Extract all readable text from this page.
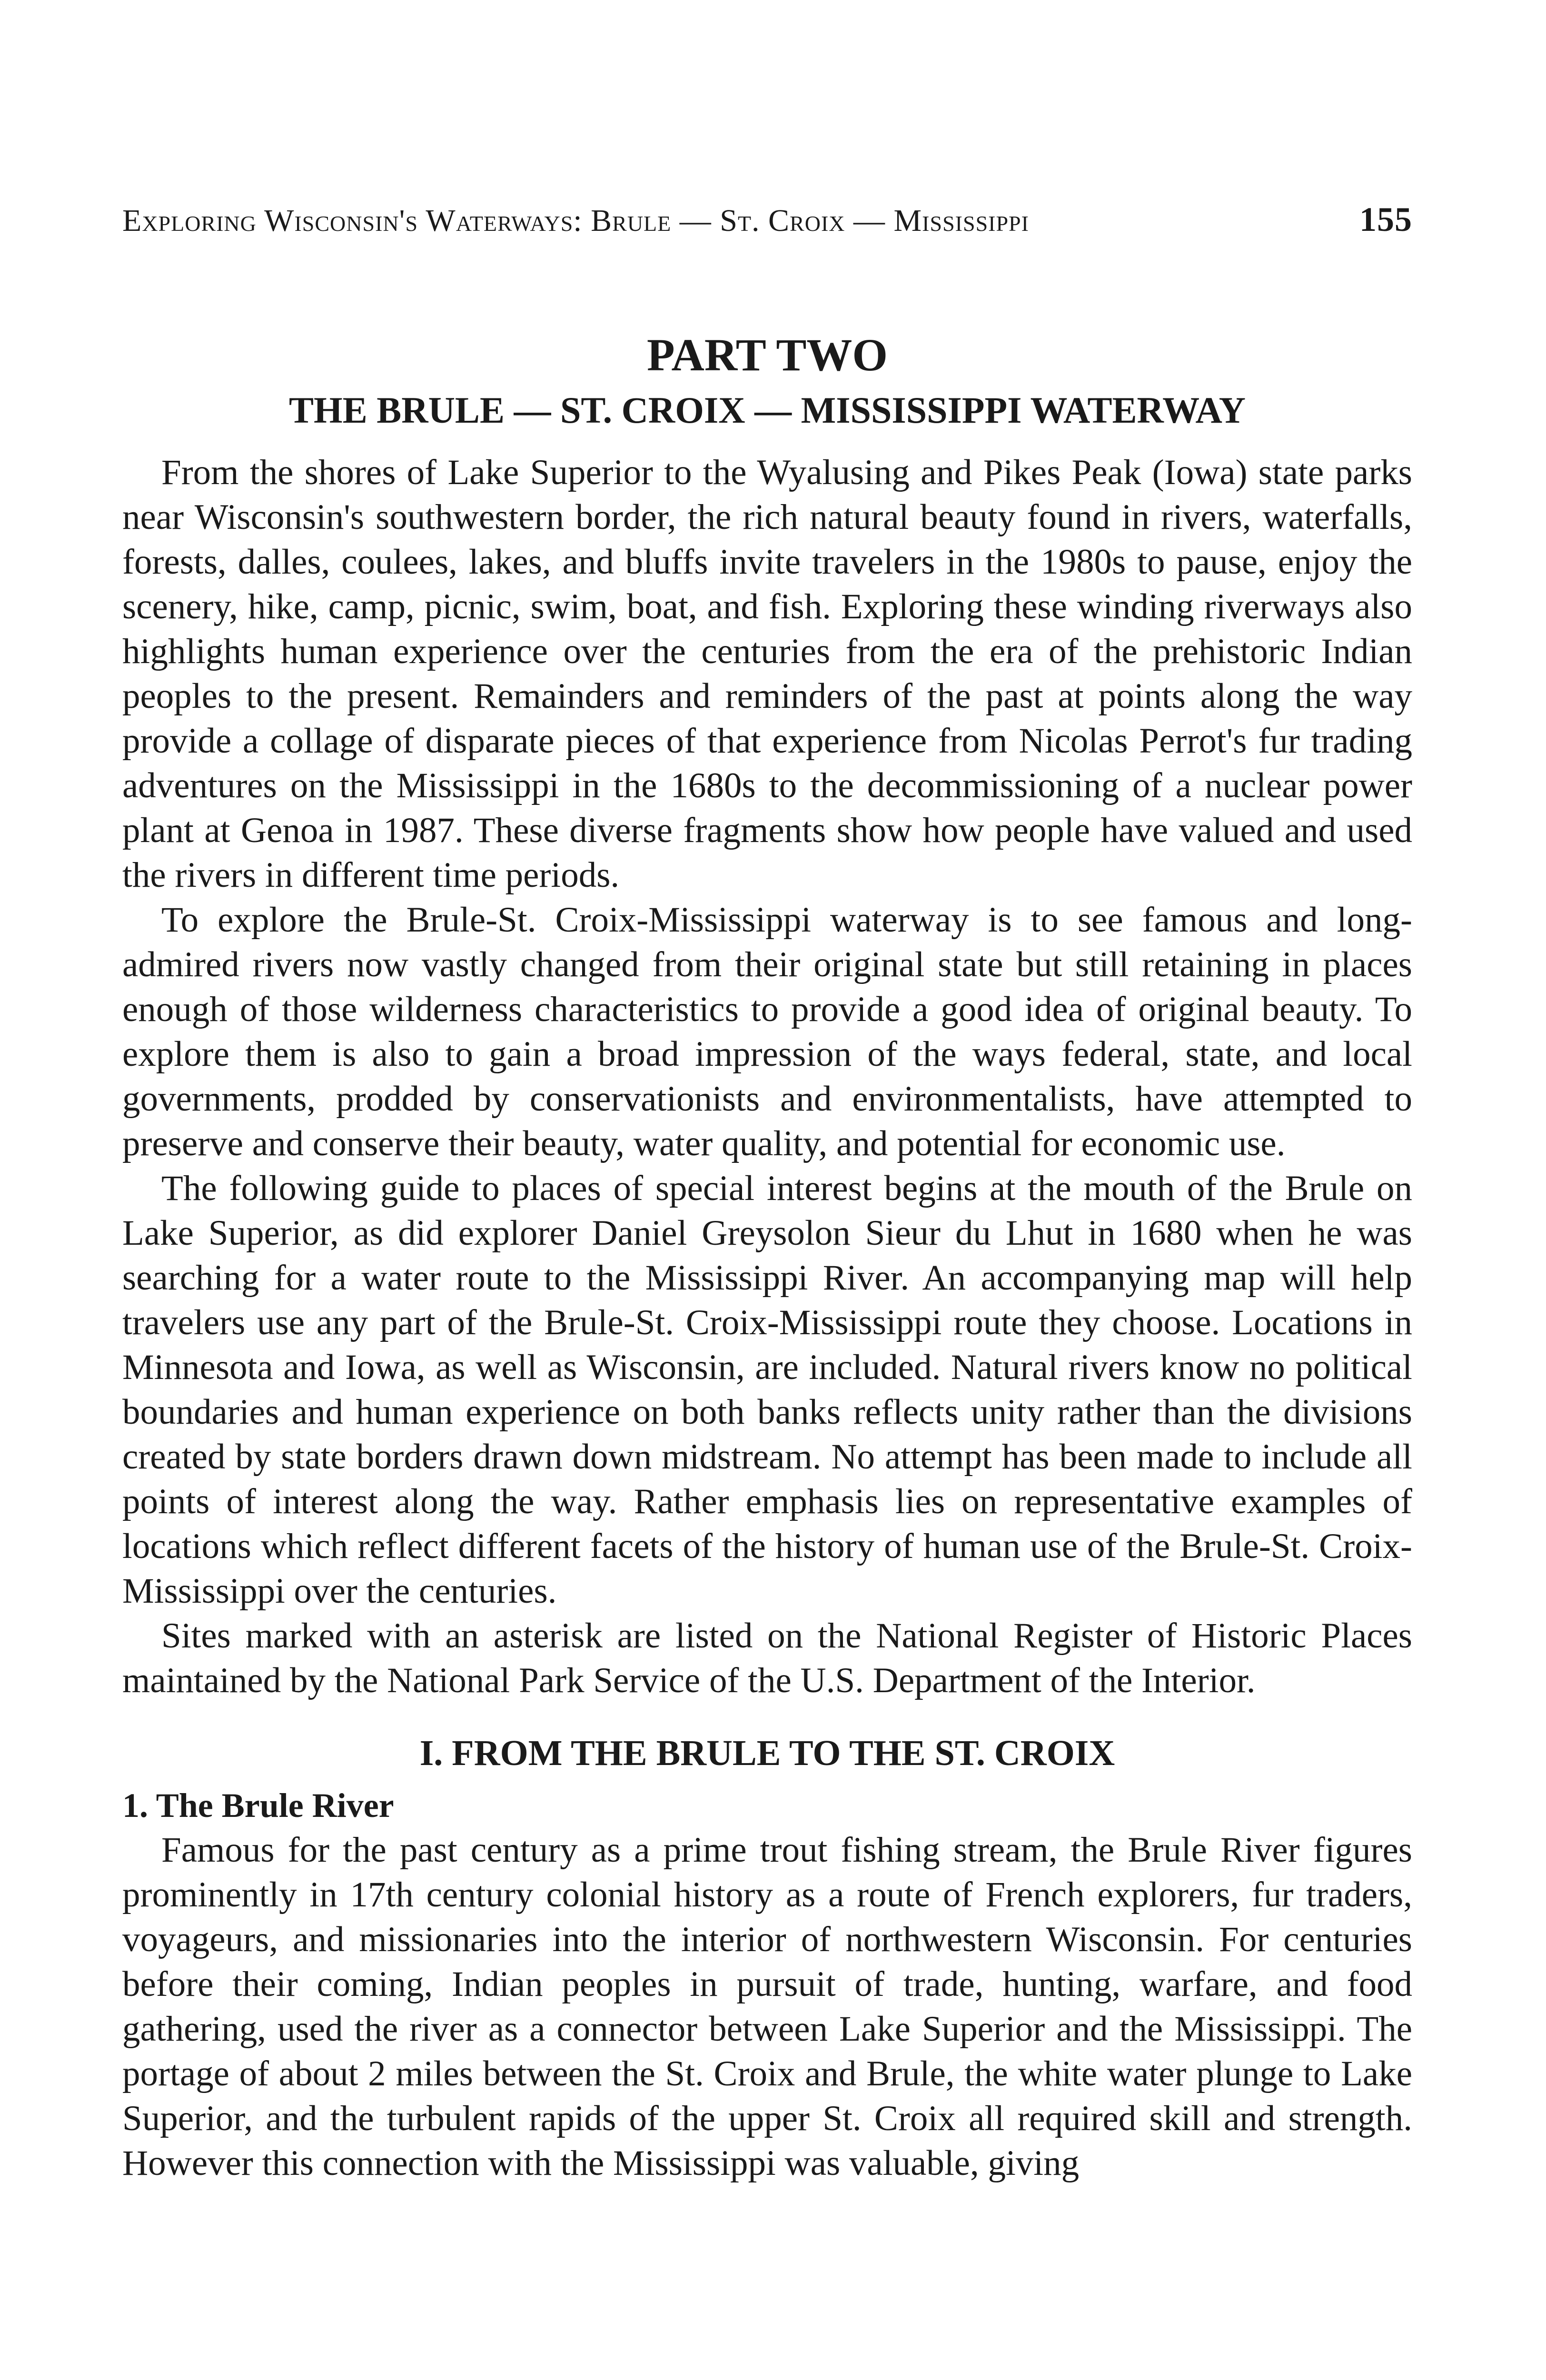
Exploring Wisconsin's Waterways: Brule — St. Croix — Mississippi	155
PART TWO
THE BRULE — ST. CROIX — MISSISSIPPI WATERWAY

From the shores of Lake Superior to the Wyalusing and Pikes Peak (Iowa) state parks near Wisconsin's southwestern border, the rich natural beauty found in rivers, waterfalls, forests, dalles, coulees, lakes, and bluffs invite travelers in the 1980s to pause, enjoy the scenery, hike, camp, picnic, swim, boat, and fish. Exploring these winding riverways also highlights human experience over the centuries from the era of the prehistoric Indian peoples to the present. Remainders and reminders of the past at points along the way provide a collage of disparate pieces of that experience from Nicolas Perrot's fur trading adventures on the Mississippi in the 1680s to the decommissioning of a nuclear power plant at Genoa in 1987. These diverse fragments show how people have valued and used the rivers in different time periods.

To explore the Brule-St. Croix-Mississippi waterway is to see famous and long-admired rivers now vastly changed from their original state but still retaining in places enough of those wilderness characteristics to provide a good idea of original beauty. To explore them is also to gain a broad impression of the ways federal, state, and local governments, prodded by conservationists and environmentalists, have attempted to preserve and conserve their beauty, water quality, and potential for economic use.

The following guide to places of special interest begins at the mouth of the Brule on Lake Superior, as did explorer Daniel Greysolon Sieur du Lhut in 1680 when he was searching for a water route to the Mississippi River. An accompanying map will help travelers use any part of the Brule-St. Croix-Mississippi route they choose. Locations in Minnesota and Iowa, as well as Wisconsin, are included. Natural rivers know no political boundaries and human experience on both banks reflects unity rather than the divisions created by state borders drawn down midstream. No attempt has been made to include all points of interest along the way. Rather emphasis lies on representative examples of locations which reflect different facets of the history of human use of the Brule-St. Croix-Mississippi over the centuries.

Sites marked with an asterisk are listed on the National Register of Historic Places maintained by the National Park Service of the U.S. Department of the Interior.

I. FROM THE BRULE TO THE ST. CROIX
1. The Brule River

Famous for the past century as a prime trout fishing stream, the Brule River figures prominently in 17th century colonial history as a route of French explorers, fur traders, voyageurs, and missionaries into the interior of northwestern Wisconsin. For centuries before their coming, Indian peoples in pursuit of trade, hunting, warfare, and food gathering, used the river as a connector between Lake Superior and the Mississippi. The portage of about 2 miles between the St. Croix and Brule, the white water plunge to Lake Superior, and the turbulent rapids of the upper St. Croix all required skill and strength. However this connection with the Mississippi was valuable, giving
